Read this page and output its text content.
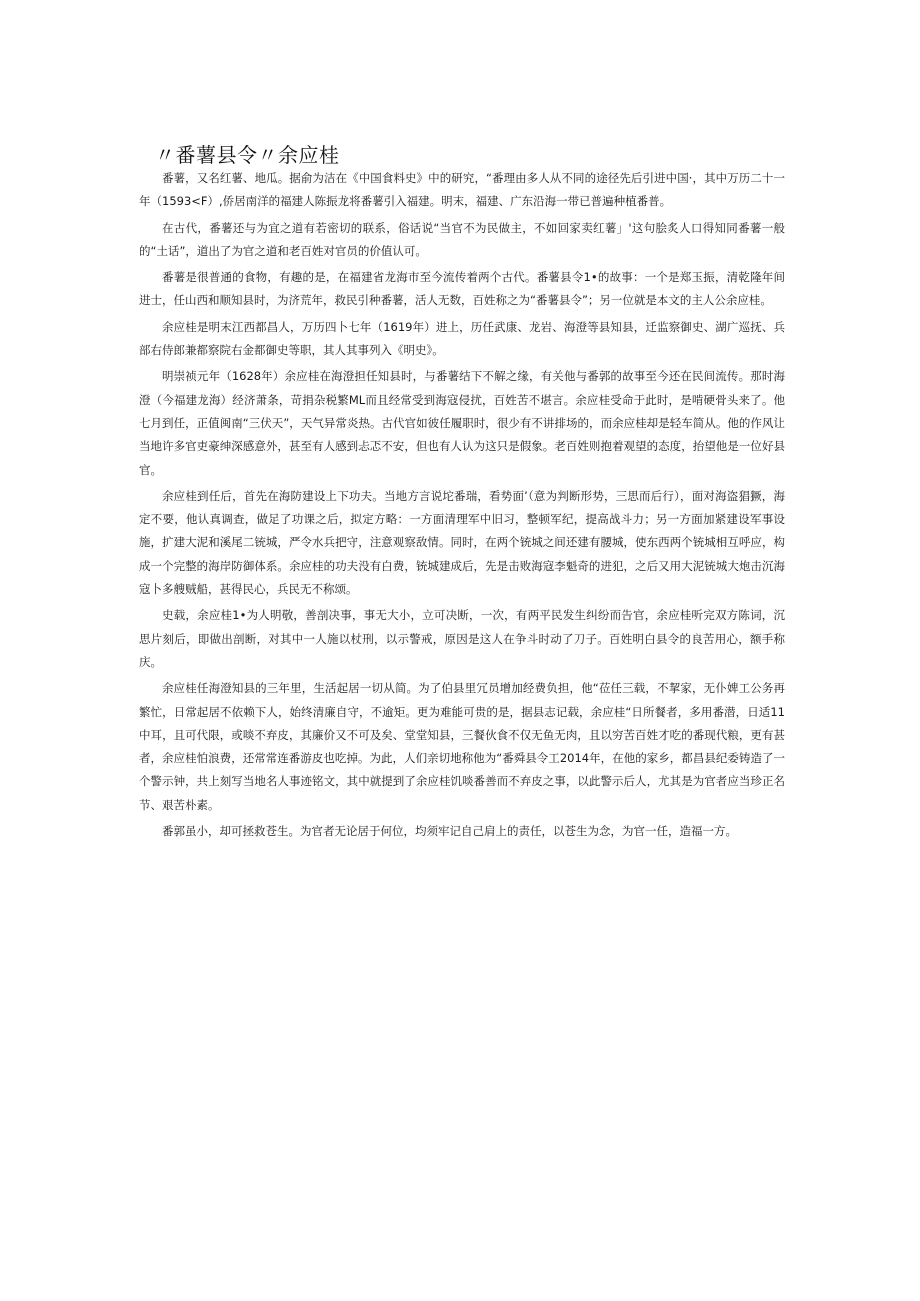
〃番薯县令〃余应桂

番薯，又名红薯、地瓜。据俞为洁在《中国食料史》中的研究，“番理由多人从不同的途径先后引进中国·，其中万历二十一年（1593<F）,侨居南洋的福建人陈振龙将番薯引入福建。明末，福建、广东沿海一带已普遍种植番普。

在古代，番薯还与为宜之道有若密切的联系，俗话说“当官不为民做主，不如回家卖红薯」'这句脍炙人口得知同番薯一般的“土话”，道出了为官之道和老百姓对官员的价值认可。

番薯是很普通的食物，有趣的是，在福建省龙海市至今流传着两个古代。番薯县令1•的故事：一个是郑玉振，清乾隆年间进士，任山西和顺知县时，为济荒年，救民引种番薯，活人无数，百姓称之为“番薯县令”；另一位就是本文的主人公余应桂。

余应桂是明末江西都昌人，万历四卜七年（1619年）进上，历任武康、龙岩、海澄等县知县，迁监察御史、湖广巡抚、兵部右侍郎兼都察院右金都御史等职，其人其事列入《明史》。

明崇祯元年（1628年）余应桂在海澄担任知县时，与番薯结下不解之缘，有关他与番郭的故事至今还在民间流传。那时海澄（今福建龙海）经济萧条，苛捐杂税繁ML而且经常受到海寇侵扰，百姓苦不堪言。余应桂受命于此时，是啃硬骨头来了。他七月到任，正值闽南“三伏天”，天气异常炎热。古代官如彼任履职时，很少有不讲排场的，而余应桂却是轻车简从。他的作风让当地许多官吏豪绅深感意外，甚至有人感到忐忑不安，但也有人认为这只是假象。老百姓则抱着观望的态度，抬望他是一位好县官。

余应桂到任后，首先在海防建设上下功夫。当地方言说坨番瑞，看势面’（意为判断形势，三思而后行），面对海盗猖獗，海定不要，他认真调查，做足了功课之后，拟定方略：一方面清理军中旧习，整顿军纪，提高战斗力；另一方面加紧建设军事设施，扩建大泥和溪尾二铳城，严令水兵把守，注意观察敌情。同时，在两个铳城之间还建有腰城，使东西两个铳城相互呼应，构成一个完整的海岸防御体系。余应桂的功夫没有白费，铳城建成后，先是击败海寇李魁奇的进犯，之后又用大泥铳城大炮击沉海寇卜多艘贼船，甚得民心，兵民无不称颂。

史载，余应桂1•为人明敬，善剖决事，事无大小，立可决断，一次，有两平民发生纠纷而告官，余应桂听完双方陈词，沉思片刻后，即做出剖断，对其中一人施以杖刑，以示警戒，原因是这人在争斗时动了刀子。百姓明白县令的良苦用心，额手称庆。

余应桂任海澄知县的三年里，生活起居一切从简。为了伯县里冗员增加经费负担，他“莅任三载，不挈家，无仆婢工公务再繁忙，日常起居不依赖下人，始终清廉自守，不逾矩。更为难能可贵的是，据县志记载，余应桂“日所餐者，多用番潜，日适11中耳，且可代限，或啖不弃皮，其廉价又不可及矣、堂堂知县，三餐伙食不仅无鱼无肉，且以穷苦百姓才吃的番现代粮，更有甚者，余应桂怕浪费，还常常连番游皮也吃掉。为此，人们亲切地称他为“番舜县令工2014年，在他的家乡，都昌县纪委铸造了一个警示钟，共上刻写当地名人事迹铭文，其中就提到了余应桂饥啖番善而不弃皮之事，以此警示后人，尤其是为官者应当珍正名节、艰苦朴素。

番郭虽小，却可拯救苍生。为官者无论居于何位，均须牢记自己肩上的责任，以苍生为念，为官一任，造福一方。
